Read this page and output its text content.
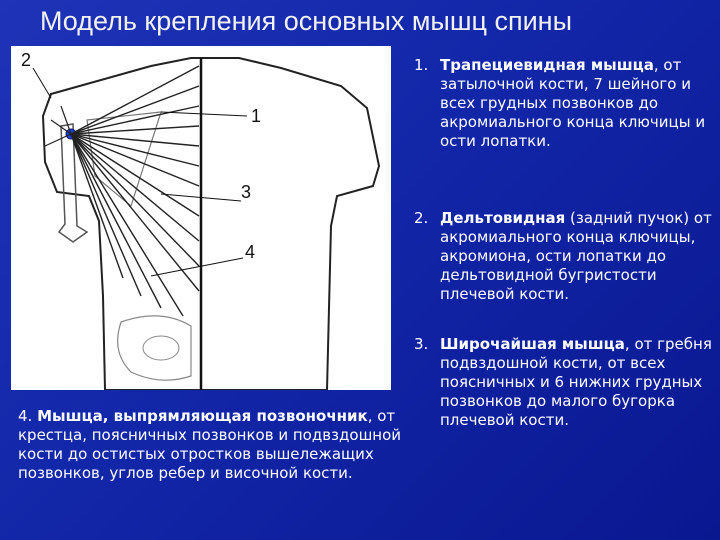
Модель крепления основных мышц спины
2
1
3
4
1. Трапециевидная мышца, от затылочной кости, 7 шейного и всех грудных позвонков до акромиального конца ключицы и ости лопатки.
2. Дельтовидная (задний пучок) от акромиального конца ключицы, акромиона, ости лопатки до дельтовидной бугристости плечевой кости.
3. Широчайшая мышца, от гребня подвздошной кости, от всех поясничных и 6 нижних грудных позвонков до малого бугорка плечевой кости.
4. Мышца, выпрямляющая позвоночник, от крестца, поясничных позвонков и подвздошной кости до остистых отростков вышележащих позвонков, углов ребер и височной кости.
